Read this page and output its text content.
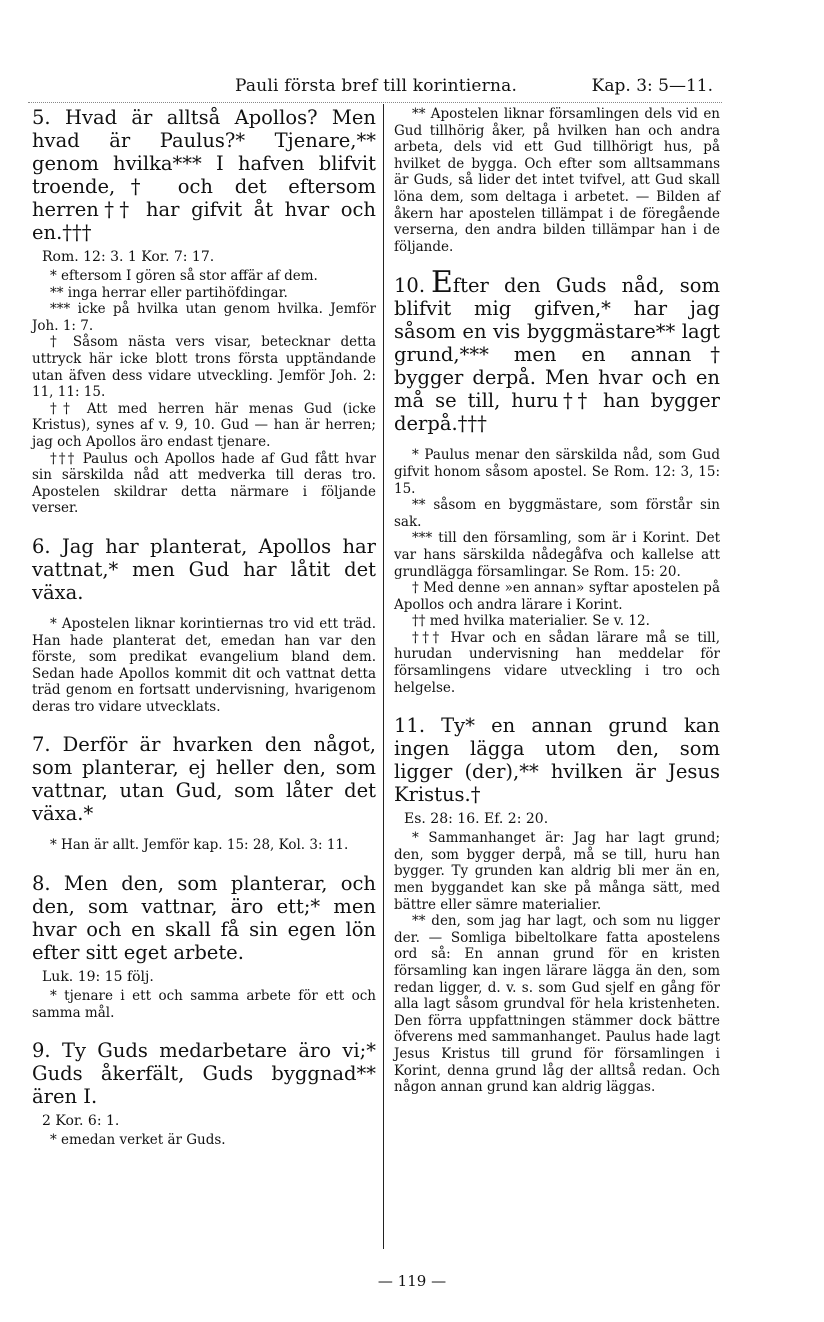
Pauli första bref till korintierna.	Kap. 3: 5—11.

5. Hvad är alltså Apollos? Men hvad är Paulus?* Tjenare,** genom hvilka*** I hafven blifvit troende,† och det eftersom herren†† har gifvit åt hvar och en.†††

Rom. 12: 3. 1 Kor. 7: 17.

* eftersom I gören så stor affär af dem.

** inga herrar eller partihöfdingar.

*** icke på hvilka utan genom hvilka. Jemför Joh. 1: 7.

† Såsom nästa vers visar, betecknar detta uttryck här icke blott trons första upptändande utan äfven dess vidare utveckling. Jemför Joh. 2: 11, 11: 15.

†† Att med herren här menas Gud (icke Kristus), synes af v. 9, 10. Gud — han är herren; jag och Apollos äro endast tjenare.

††† Paulus och Apollos hade af Gud fått hvar sin särskilda nåd att medverka till deras tro. Apostelen skildrar detta närmare i följande verser.

6. Jag har planterat, Apollos har vattnat,* men Gud har låtit det växa.

* Apostelen liknar korintiernas tro vid ett träd. Han hade planterat det, emedan han var den förste, som predikat evangelium bland dem. Sedan hade Apollos kommit dit och vattnat detta träd genom en fortsatt undervisning, hvarigenom deras tro vidare utvecklats.

7. Derför är hvarken den något, som planterar, ej heller den, som vattnar, utan Gud, som låter det växa.*

* Han är allt. Jemför kap. 15: 28, Kol. 3: 11.

8. Men den, som planterar, och den, som vattnar, äro ett;* men hvar och en skall få sin egen lön efter sitt eget arbete.

Luk. 19: 15 följ.

* tjenare i ett och samma arbete för ett och samma mål.

9. Ty Guds medarbetare äro vi;* Guds åkerfält, Guds byggnad** ären I.

2 Kor. 6: 1.

* emedan verket är Guds.

** Apostelen liknar församlingen dels vid en Gud tillhörig åker, på hvilken han och andra arbeta, dels vid ett Gud tillhörigt hus, på hvilket de bygga. Och efter som alltsammans är Guds, så lider det intet tvifvel, att Gud skall löna dem, som deltaga i arbetet. — Bilden af åkern har apostelen tillämpat i de föregående verserna, den andra bilden tillämpar han i de följande.

10. Efter den Guds nåd, som blifvit mig gifven,* har jag såsom en vis byggmästare** lagt grund,*** men en annan† bygger derpå. Men hvar och en må se till, huru†† han bygger derpå.†††

* Paulus menar den särskilda nåd, som Gud gifvit honom såsom apostel. Se Rom. 12: 3, 15: 15.

** såsom en byggmästare, som förstår sin sak.

*** till den församling, som är i Korint. Det var hans särskilda nådegåfva och kallelse att grundlägga församlingar. Se Rom. 15: 20.

† Med denne »en annan» syftar apostelen på Apollos och andra lärare i Korint.

†† med hvilka materialier. Se v. 12.

††† Hvar och en sådan lärare må se till, hurudan undervisning han meddelar för församlingens vidare utveckling i tro och helgelse.

11. Ty* en annan grund kan ingen lägga utom den, som ligger (der),** hvilken är Jesus Kristus.†

Es. 28: 16. Ef. 2: 20.

* Sammanhanget är: Jag har lagt grund; den, som bygger derpå, må se till, huru han bygger. Ty grunden kan aldrig bli mer än en, men byggandet kan ske på många sätt, med bättre eller sämre materialier.

** den, som jag har lagt, och som nu ligger der. — Somliga bibeltolkare fatta apostelens ord så: En annan grund för en kristen församling kan ingen lärare lägga än den, som redan ligger, d. v. s. som Gud sjelf en gång för alla lagt såsom grundval för hela kristenheten. Den förra uppfattningen stämmer dock bättre öfverens med sammanhanget. Paulus hade lagt Jesus Kristus till grund för församlingen i Korint, denna grund låg der alltså redan. Och någon annan grund kan aldrig läggas.

— 119 —
